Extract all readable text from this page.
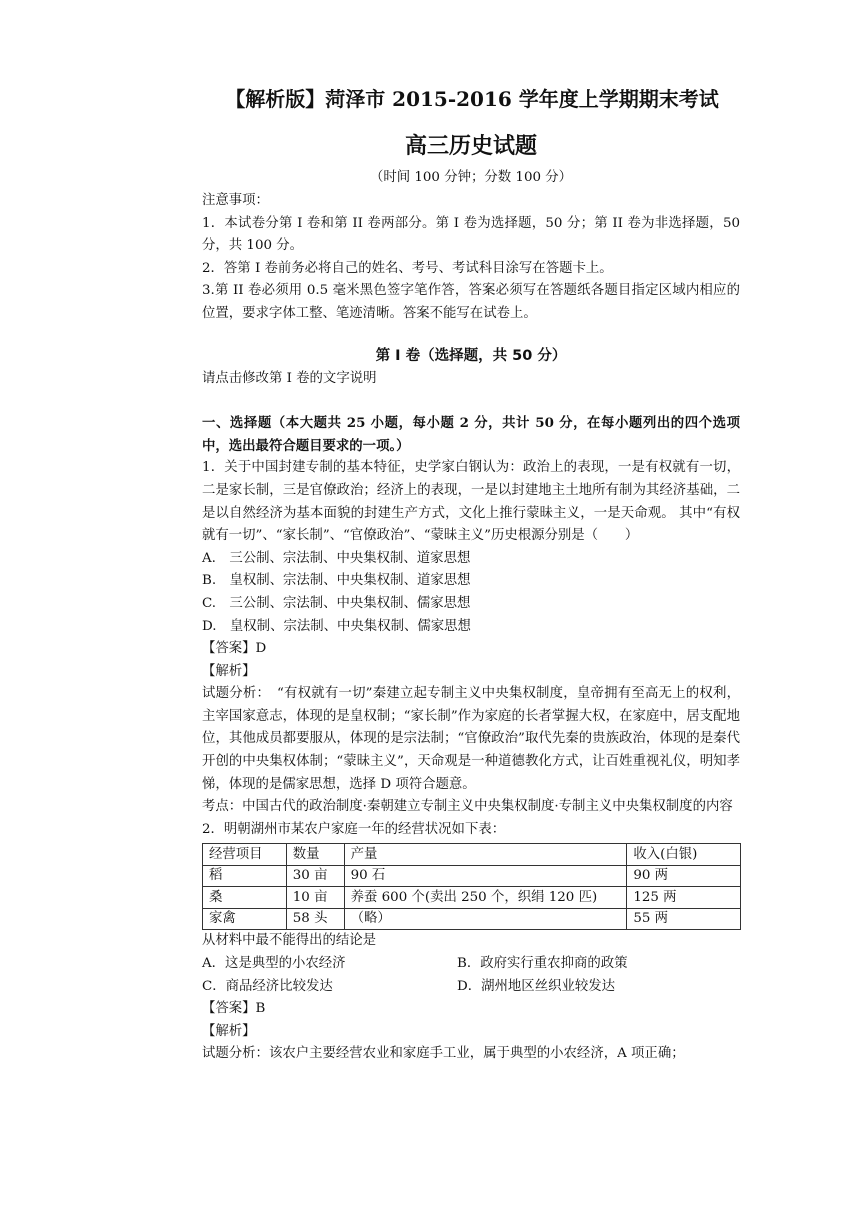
【解析版】菏泽市 2015-2016 学年度上学期期末考试
高三历史试题
（时间 100 分钟；分数 100 分）
注意事项：
1．本试卷分第 I 卷和第 II 卷两部分。第 I 卷为选择题，50 分；第 II 卷为非选择题，50 分，共 100 分。
2．答第 I 卷前务必将自己的姓名、考号、考试科目涂写在答题卡上。
3.第 II 卷必须用 0.5 毫米黑色签字笔作答，答案必须写在答题纸各题目指定区域内相应的位置，要求字体工整、笔迹清晰。答案不能写在试卷上。
第 I 卷（选择题，共 50 分）
请点击修改第 I 卷的文字说明
一、选择题（本大题共 25 小题，每小题 2 分，共计 50 分，在每小题列出的四个选项中，选出最符合题目要求的一项。）
1．关于中国封建专制的基本特征，史学家白钢认为：政治上的表现，一是有权就有一切，二是家长制，三是官僚政治；经济上的表现，一是以封建地主土地所有制为其经济基础，二是以自然经济为基本面貌的封建生产方式，文化上推行蒙昧主义，一是天命观。 其中“有权就有一切”、“家长制”、“官僚政治”、“蒙昧主义”历史根源分别是（　　）
A.　三公制、宗法制、中央集权制、道家思想
B.　皇权制、宗法制、中央集权制、道家思想
C.　三公制、宗法制、中央集权制、儒家思想
D.　皇权制、宗法制、中央集权制、儒家思想
【答案】D
【解析】
试题分析：　“有权就有一切”秦建立起专制主义中央集权制度，皇帝拥有至高无上的权利，主宰国家意志，体现的是皇权制；“家长制”作为家庭的长者掌握大权，在家庭中，居支配地位，其他成员都要服从，体现的是宗法制；“官僚政治”取代先秦的贵族政治，体现的是秦代开创的中央集权体制；“蒙昧主义”，天命观是一种道德教化方式，让百姓重视礼仪，明知孝悌，体现的是儒家思想，选择 D 项符合题意。
考点：中国古代的政治制度·秦朝建立专制主义中央集权制度·专制主义中央集权制度的内容
2．明朝湖州市某农户家庭一年的经营状况如下表：
经营项目	数量	产量	收入(白银)
稻	30 亩	90 石	90 两
桑	10 亩	养蚕 600 个(卖出 250 个，织绢 120 匹)	125 两
家禽	58 头	（略）	55 两
从材料中最不能得出的结论是
A．这是典型的小农经济	B．政府实行重农抑商的政策
C．商品经济比较发达	D．湖州地区丝织业较发达
【答案】B
【解析】
试题分析：该农户主要经营农业和家庭手工业，属于典型的小农经济，A 项正确；
